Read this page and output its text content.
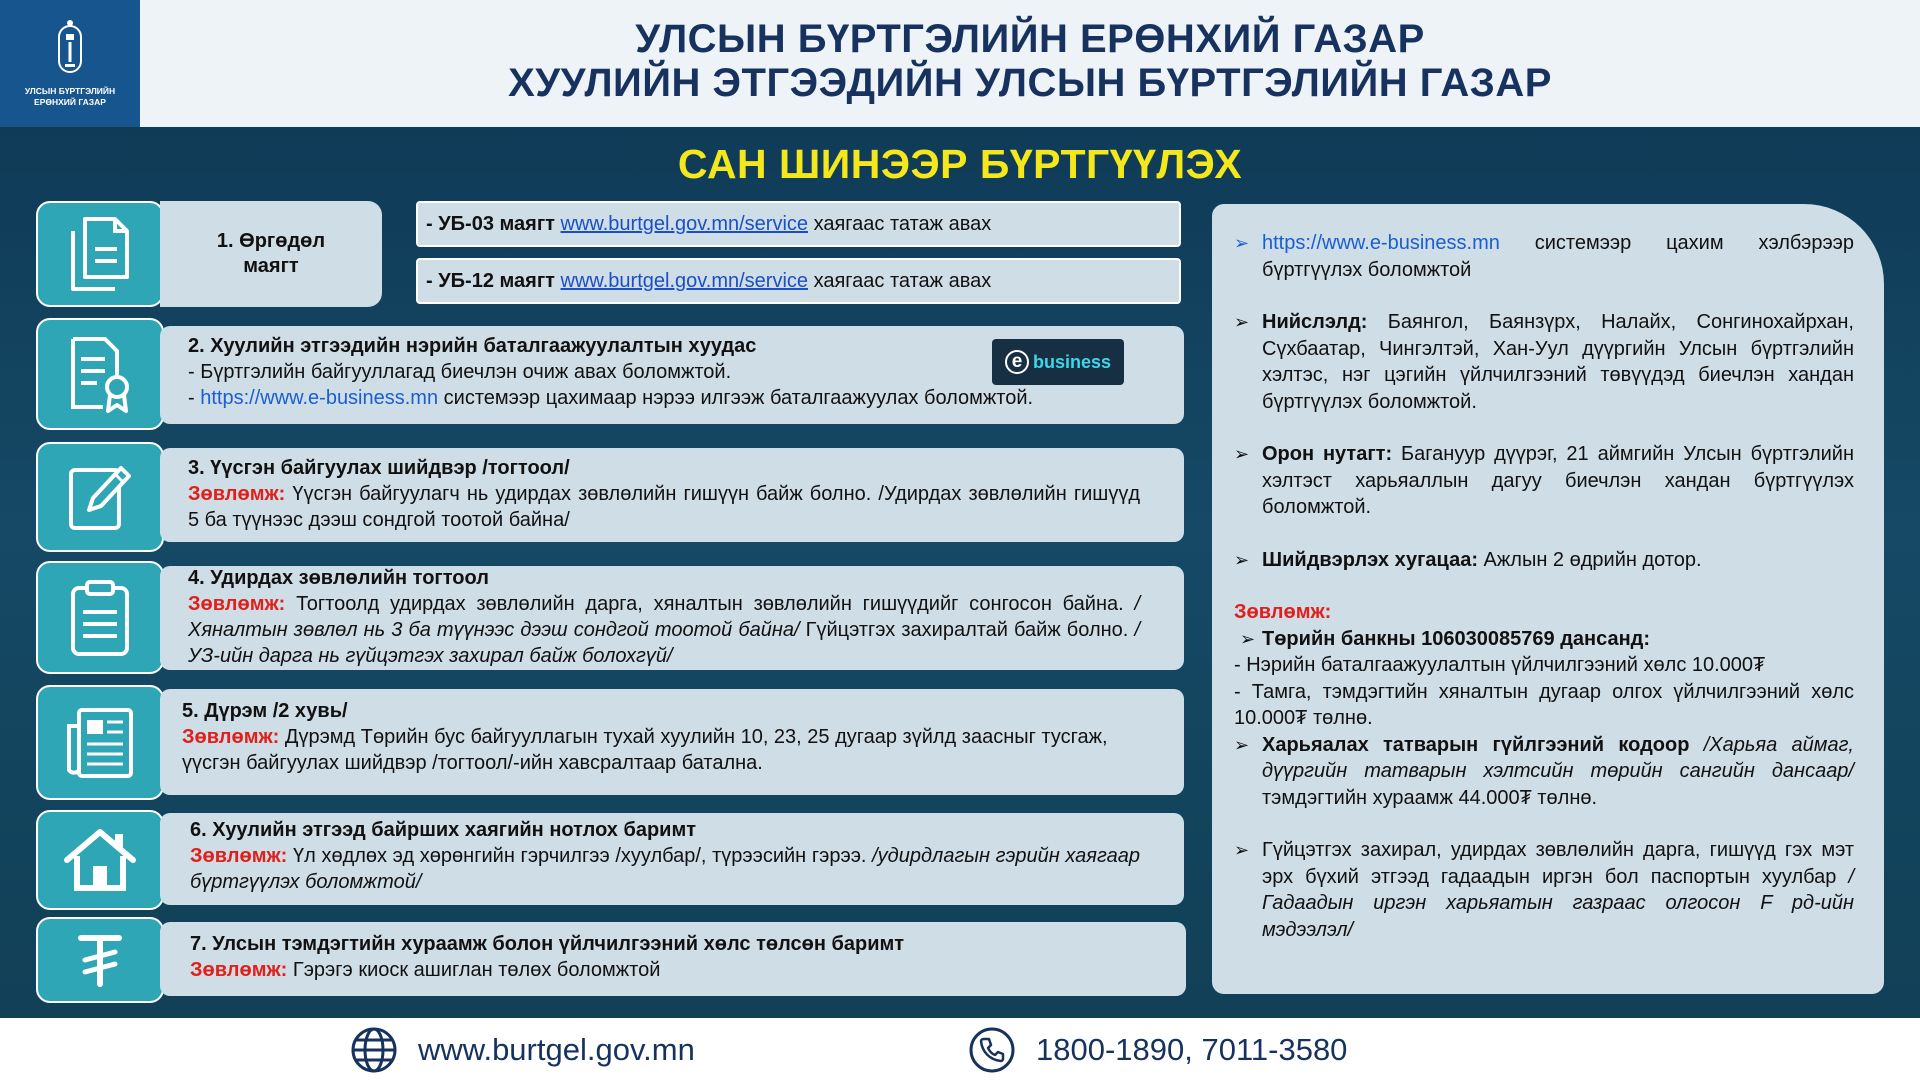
УЛСЫН БҮРТГЭЛИЙН
ЕРӨНХИЙ ГАЗАР
УЛСЫН БҮРТГЭЛИЙН ЕРӨНХИЙ ГАЗАР
ХУУЛИЙН ЭТГЭЭДИЙН УЛСЫН БҮРТГЭЛИЙН ГАЗАР
САН ШИНЭЭР БҮРТГҮҮЛЭХ
1. Өргөдөл маягт
- УБ-03 маягт www.burtgel.gov.mn/service хаягаас татаж авах
- УБ-12 маягт www.burtgel.gov.mn/service хаягаас татаж авах
2. Хуулийн этгээдийн нэрийн баталгаажуулалтын хуудас

- Бүртгэлийн байгууллагад биечлэн очиж авах боломжтой.

- https://www.e-business.mn системээр цахимаар нэрээ илгээж баталгаажуулах боломжтой.

e business
3. Үүсгэн байгуулах шийдвэр /тогтоол/

Зөвлөмж: Үүсгэн байгуулагч нь удирдах зөвлөлийн гишүүн байж болно. /Удирдах зөвлөлийн гишүүд 5 ба түүнээс дээш сондгой тоотой байна/

4. Удирдах зөвлөлийн тогтоол

Зөвлөмж: Тогтоолд удирдах зөвлөлийн дарга, хяналтын зөвлөлийн гишүүдийг сонгосон байна. /Хяналтын зөвлөл нь 3 ба түүнээс дээш сондгой тоотой байна/ Гүйцэтгэх захиралтай байж болно. /УЗ-ийн дарга нь гүйцэтгэх захирал байж болохгүй/

5. Дүрэм /2 хувь/

Зөвлөмж: Дүрэмд Төрийн бус байгууллагын тухай хуулийн 10, 23, 25 дугаар зүйлд заасныг тусгаж, үүсгэн байгуулах шийдвэр /тогтоол/-ийн хавсралтаар батална.

6. Хуулийн этгээд байрших хаягийн нотлох баримт

Зөвлөмж: Үл хөдлөх эд хөрөнгийн гэрчилгээ /хуулбар/, түрээсийн гэрээ. /удирдлагын гэрийн хаягаар бүртгүүлэх боломжтой/

7. Улсын тэмдэгтийн хураамж болон үйлчилгээний хөлс төлсөн баримт

Зөвлөмж: Гэрэгэ киоск ашиглан төлөх боломжтой

➢ https://www.e-business.mn системээр цахим хэлбэрээр бүртгүүлэх боломжтой
➢ Нийслэлд: Баянгол, Баянзүрх, Налайх, Сонгинохайрхан, Сүхбаатар, Чингэлтэй, Хан-Уул дүүргийн Улсын бүртгэлийн хэлтэс, нэг цэгийн үйлчилгээний төвүүдэд биечлэн хандан бүртгүүлэх боломжтой.
➢ Орон нутагт: Багануур дүүрэг, 21 аймгийн Улсын бүртгэлийн хэлтэст харьяаллын дагуу биечлэн хандан бүртгүүлэх боломжтой.
➢ Шийдвэрлэх хугацаа: Ажлын 2 өдрийн дотор.
Зөвлөмж:
➢ Төрийн банкны 106030085769 дансанд:
- Нэрийн баталгаажуулалтын үйлчилгээний хөлс 10.000₮
- Тамга, тэмдэгтийн хяналтын дугаар олгох үйлчилгээний хөлс 10.000₮ төлнө.
➢ Харьяалах татварын гүйлгээний кодоор /Харьяа аймаг, дүүргийн татварын хэлтсийн төрийн сангийн дансаар/ тэмдэгтийн хураамж 44.000₮ төлнө.
➢ Гүйцэтгэх захирал, удирдах зөвлөлийн дарга, гишүүд гэх мэт эрх бүхий этгээд гадаадын иргэн бол паспортын хуулбар /Гадаадын иргэн харьяатын газраас олгосон F рд-ийн мэдээлэл/
www.burtgel.gov.mn	1800-1890, 7011-3580
